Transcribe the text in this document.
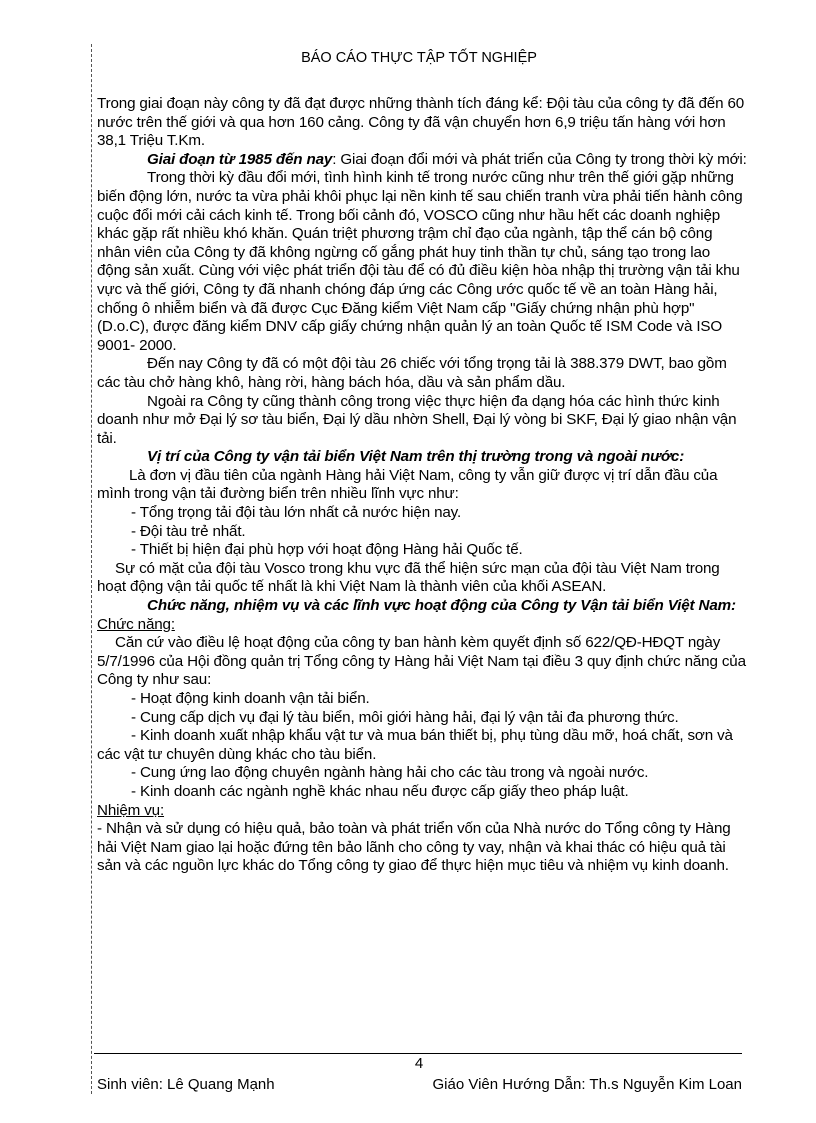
BÁO CÁO THỰC TẬP TỐT NGHIỆP

Trong giai đoạn này công ty đã đạt được những thành tích đáng kể: Đội tàu của công ty đã đến 60 nước trên thế giới và qua hơn 160 cảng. Công ty đã vận chuyển hơn 6,9 triệu tấn hàng với hơn 38,1 Triệu T.Km.

Giai đoạn từ 1985 đến nay: Giai đoạn đổi mới và phát triển của Công ty trong thời kỳ mới:

Trong thời kỳ đầu đổi mới, tình hình kinh tế trong nước cũng như trên thế giới gặp những biến động lớn, nước ta vừa phải khôi phục lại nền kinh tế sau chiến tranh vừa phải tiến hành công cuộc đổi mới cải cách kinh tế. Trong bối cảnh đó, VOSCO cũng như hầu hết các doanh nghiệp khác gặp rất nhiều khó khăn. Quán triệt phương trậm chỉ đạo của ngành, tập thể cán bộ công nhân viên của Công ty đã không ngừng cố gắng phát huy tinh thần tự chủ, sáng tạo trong lao động sản xuất. Cùng với việc phát triển đội tàu để có đủ điều kiện hòa nhập thị trường vận tải khu vực và thế giới, Công ty đã nhanh chóng đáp ứng các Công ước quốc tế về an toàn Hàng hải, chống ô nhiễm biển và đã được Cục Đăng kiểm Việt Nam cấp "Giấy chứng nhận phù hợp" (D.o.C), được đăng kiểm DNV cấp giấy chứng nhận quản lý an toàn Quốc tế ISM Code và ISO 9001- 2000.

Đến nay Công ty đã có một đội tàu 26 chiếc với tổng trọng tải là 388.379 DWT, bao gồm các tàu chở hàng khô, hàng rời, hàng bách hóa, dầu và sản phẩm dầu.

Ngoài ra Công ty cũng thành công trong việc thực hiện đa dạng hóa các hình thức kinh doanh như mở Đại lý sơ tàu biển, Đại lý dầu nhờn Shell, Đại lý vòng bi SKF, Đại lý giao nhận vận tải.

Vị trí của Công ty vận tải biển Việt Nam trên thị trường trong và ngoài nước:

Là đơn vị đầu tiên của ngành Hàng hải Việt Nam, công ty vẫn giữ được vị trí dẫn đầu của mình trong vận tải đường biển trên nhiều lĩnh vực như:

- Tổng trọng tải đội tàu lớn nhất cả nước hiện nay.

- Đội tàu trẻ nhất.

- Thiết bị hiện đại phù hợp với hoạt động Hàng hải Quốc tế.

Sự có mặt của đội tàu Vosco trong khu vực đã thể hiện sức mạn của đội tàu Việt Nam trong hoạt động vận tải quốc tế nhất là khi Việt Nam là thành viên của khối ASEAN.

Chức năng, nhiệm vụ và các lĩnh vực hoạt động của Công ty Vận tải biển Việt Nam:

Chức năng:

Căn cứ vào điều lệ hoạt động của công ty ban hành kèm quyết định số 622/QĐ-HĐQT ngày 5/7/1996 của Hội đồng quản trị Tổng công ty Hàng hải Việt Nam tại điều 3 quy định chức năng của Công ty như sau:

- Hoạt động kinh doanh vận tải biển.

- Cung cấp dịch vụ đại lý tàu biển, môi giới hàng hải, đại lý vận tải đa phương thức.

- Kinh doanh xuất nhập khẩu vật tư và mua bán thiết bị, phụ tùng dầu mỡ, hoá chất, sơn và các vật tư chuyên dùng khác cho tàu biển.

- Cung ứng lao động chuyên ngành hàng hải cho các tàu trong và ngoài nước.

- Kinh doanh các ngành nghề khác nhau nếu được cấp giấy theo pháp luật.

Nhiệm vụ:

- Nhận và sử dụng có hiệu quả, bảo toàn và phát triển vốn của Nhà nước do Tổng công ty Hàng hải Việt Nam giao lại hoặc đứng tên bảo lãnh cho công ty vay, nhận và khai thác có hiệu quả tài sản và các nguồn lực khác do Tổng công ty giao để thực hiện mục tiêu và nhiệm vụ kinh doanh.

4
Sinh viên: Lê Quang Mạnh	Giáo Viên Hướng Dẫn: Th.s Nguyễn Kim Loan
